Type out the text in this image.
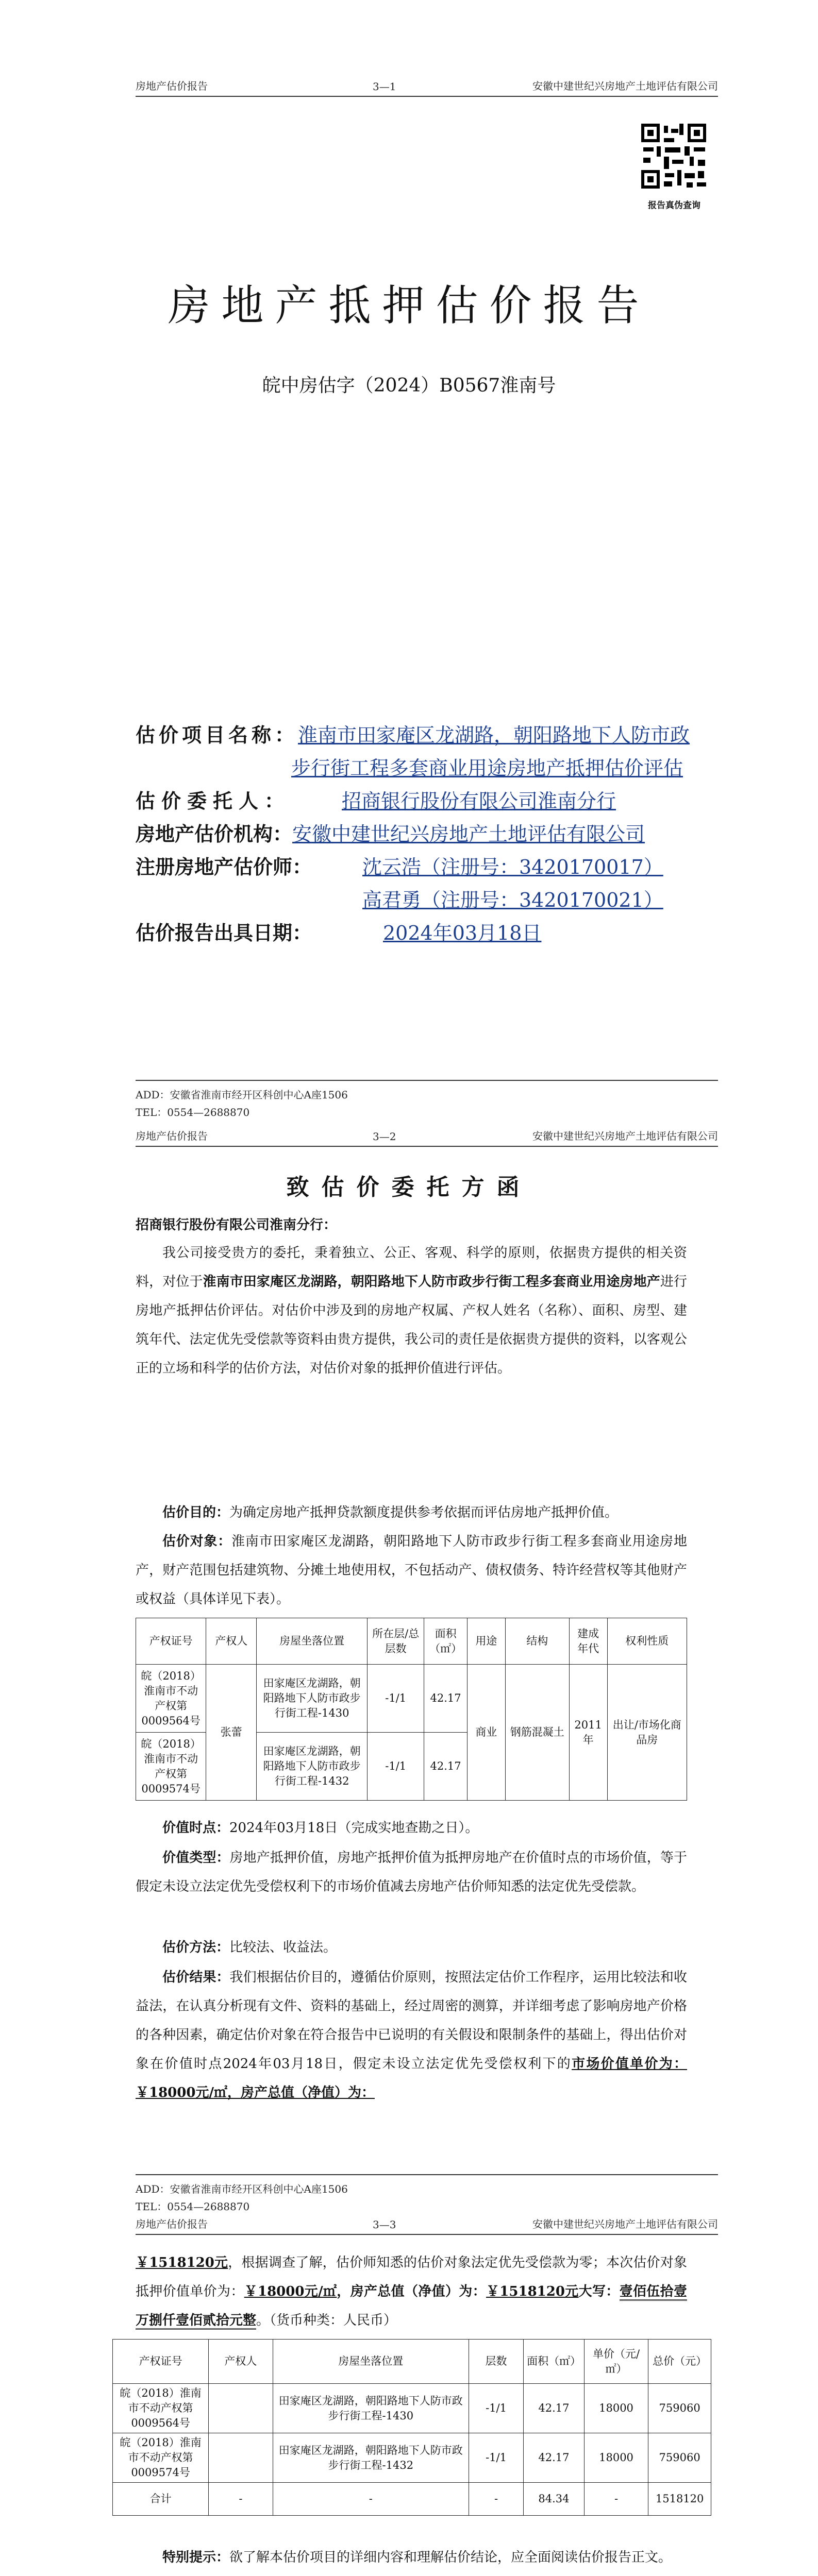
房地产估价报告	3—1	安徽中建世纪兴房地产土地评估有限公司
报告真伪查询
房地产抵押估价报告
皖中房估字（2024）B0567淮南号
估价项目名称：淮南市田家庵区龙湖路，朝阳路地下人防市政
步行街工程多套商业用途房地产抵押估价评估
估价委托人：	招商银行股份有限公司淮南分行
房地产估价机构：安徽中建世纪兴房地产土地评估有限公司
注册房地产估价师：	沈云浩（注册号：3420170017）
高君勇（注册号：3420170021）
估价报告出具日期：	2024年03月18日
ADD：安徽省淮南市经开区科创中心A座1506
TEL：0554—2688870
房地产估价报告	3—2	安徽中建世纪兴房地产土地评估有限公司
致估价委托方函
招商银行股份有限公司淮南分行：
我公司接受贵方的委托，秉着独立、公正、客观、科学的原则，依据贵方提供的相关资料，对位于淮南市田家庵区龙湖路，朝阳路地下人防市政步行街工程多套商业用途房地产进行房地产抵押估价评估。对估价中涉及到的房地产权属、产权人姓名（名称）、面积、房型、建筑年代、法定优先受偿款等资料由贵方提供，我公司的责任是依据贵方提供的资料，以客观公正的立场和科学的估价方法，对估价对象的抵押价值进行评估。
估价目的：为确定房地产抵押贷款额度提供参考依据而评估房地产抵押价值。
估价对象：淮南市田家庵区龙湖路，朝阳路地下人防市政步行街工程多套商业用途房地产，财产范围包括建筑物、分摊土地使用权，不包括动产、债权债务、特许经营权等其他财产或权益（具体详见下表）。
产权证号	产权人	房屋坐落位置	所在层/总层数	面积（㎡）	用途	结构	建成年代	权利性质
皖（2018）淮南市不动产权第0009564号	张蕾	田家庵区龙湖路，朝阳路地下人防市政步行街工程-1430	-1/1	42.17	商业	钢筋混凝土	2011年	出让/市场化商品房
皖（2018）淮南市不动产权第0009574号		田家庵区龙湖路，朝阳路地下人防市政步行街工程-1432	-1/1	42.17				
价值时点：2024年03月18日（完成实地查勘之日）。
价值类型：房地产抵押价值，房地产抵押价值为抵押房地产在价值时点的市场价值，等于假定未设立法定优先受偿权利下的市场价值减去房地产估价师知悉的法定优先受偿款。
估价方法：比较法、收益法。
估价结果：我们根据估价目的，遵循估价原则，按照法定估价工作程序，运用比较法和收益法，在认真分析现有文件、资料的基础上，经过周密的测算，并详细考虑了影响房地产价格的各种因素，确定估价对象在符合报告中已说明的有关假设和限制条件的基础上，得出估价对象在价值时点2024年03月18日，假定未设立法定优先受偿权利下的市场价值单价为：￥18000元/㎡，房产总值（净值）为：
ADD：安徽省淮南市经开区科创中心A座1506
TEL：0554—2688870
房地产估价报告	3—3	安徽中建世纪兴房地产土地评估有限公司
￥1518120元，根据调查了解，估价师知悉的估价对象法定优先受偿款为零；本次估价对象抵押价值单价为：￥18000元/㎡，房产总值（净值）为：￥1518120元大写：壹佰伍拾壹万捌仟壹佰贰拾元整。（货币种类：人民币）
产权证号	产权人	房屋坐落位置	层数	面积（㎡）	单价（元/㎡）	总价（元）
皖（2018）淮南市不动产权第0009564号		田家庵区龙湖路，朝阳路地下人防市政步行街工程-1430	-1/1	42.17	18000	759060
皖（2018）淮南市不动产权第0009574号		田家庵区龙湖路，朝阳路地下人防市政步行街工程-1432	-1/1	42.17	18000	759060
合计	-	-	-	84.34	-	1518120
特别提示：欲了解本估价项目的详细内容和理解估价结论，应全面阅读估价报告正文。
